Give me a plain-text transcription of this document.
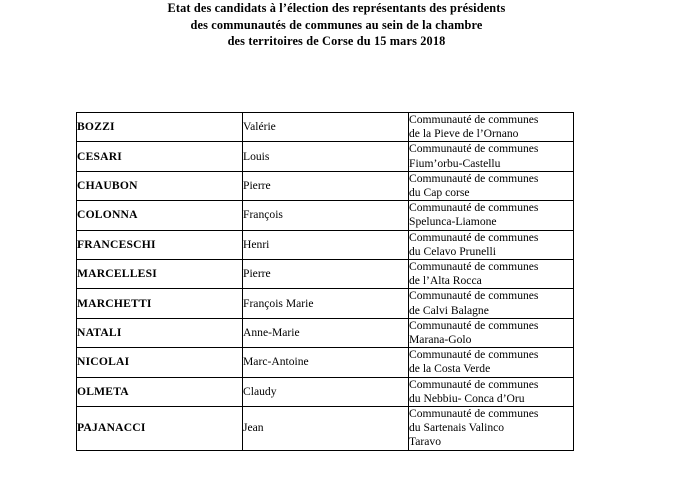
Etat des candidats à l’élection des représentants des présidents
des communautés de communes au sein de la chambre
des territoires de Corse du 15 mars 2018
BOZZI	Valérie	Communauté de communes
de la Pieve de l’Ornano

CESARI	Louis	Communauté de communes
Fium’orbu-Castellu

CHAUBON	Pierre	Communauté de communes
du Cap corse

COLONNA	François	Communauté de communes
Spelunca-Liamone

FRANCESCHI	Henri	Communauté de communes
du Celavo Prunelli

MARCELLESI	Pierre	Communauté de communes
de l’Alta Rocca

MARCHETTI	François Marie	Communauté de communes
de Calvi Balagne

NATALI	Anne-Marie	Communauté de communes
Marana-Golo

NICOLAI	Marc-Antoine	Communauté de communes
de la Costa Verde

OLMETA	Claudy	Communauté de communes
du Nebbiu- Conca d’Oru

PAJANACCI	Jean	Communauté de communes
du Sartenais Valinco
Taravo
